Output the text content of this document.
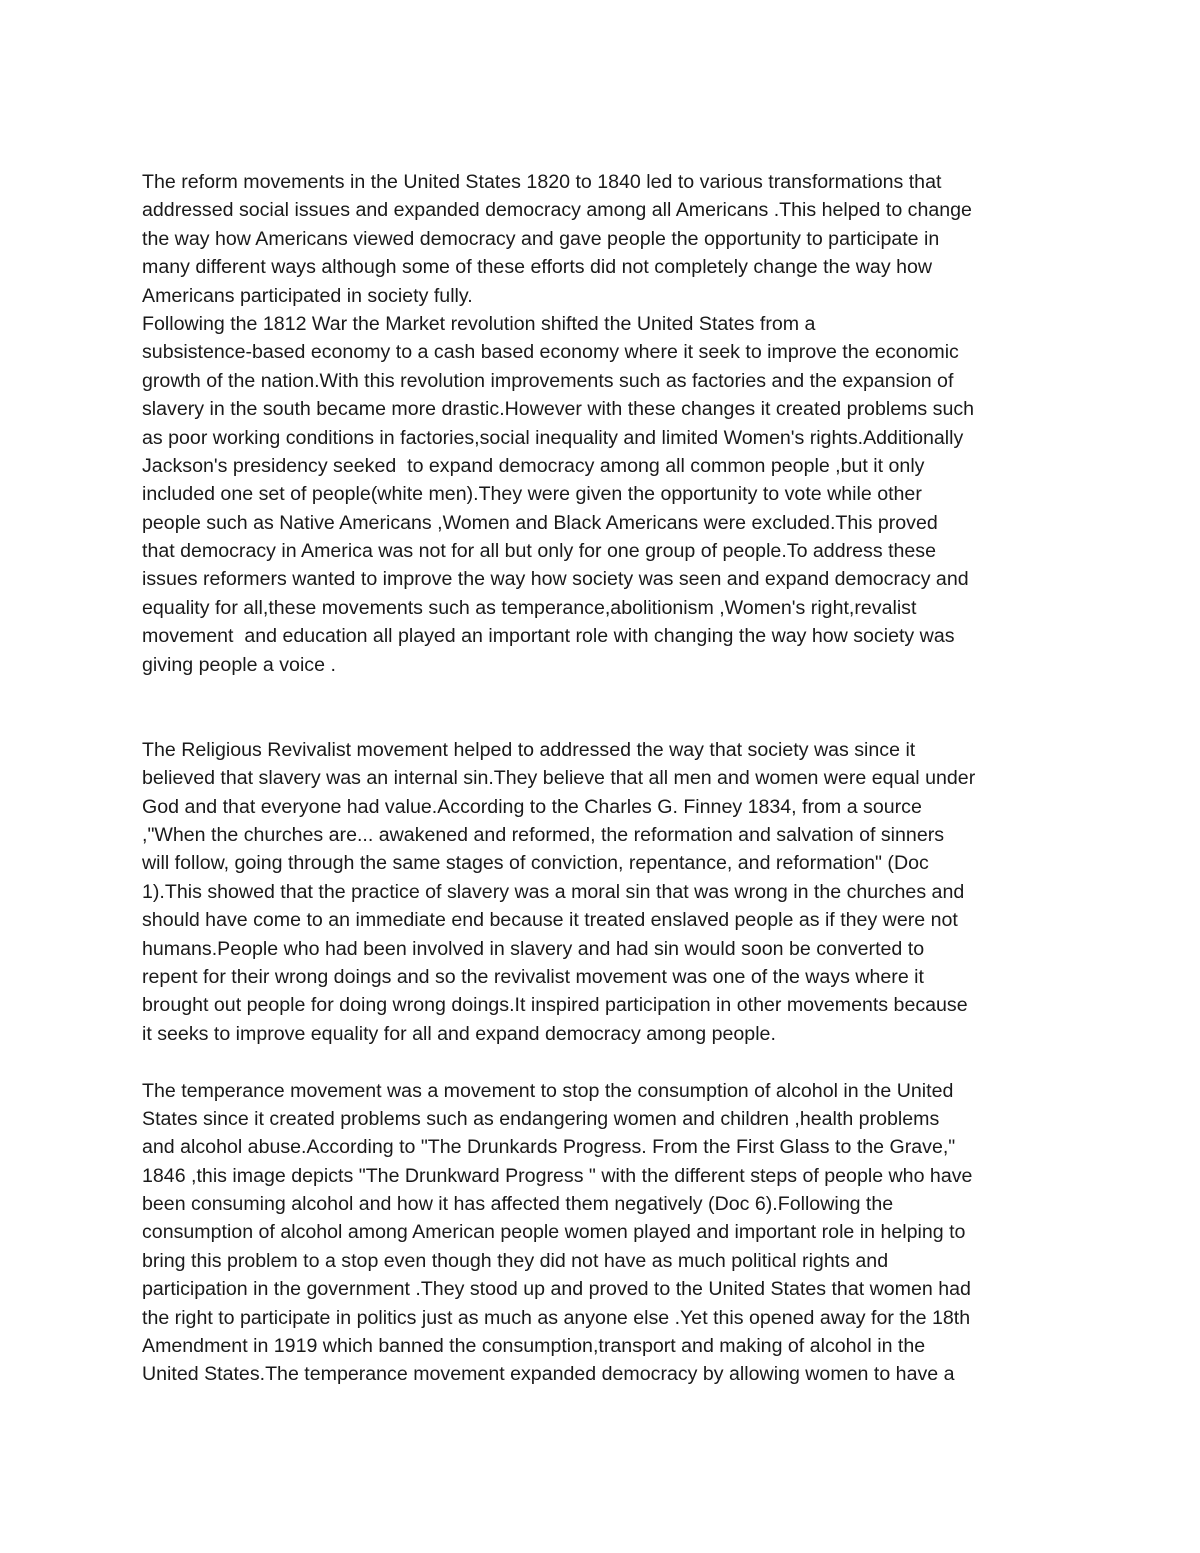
The reform movements in the United States 1820 to 1840 led to various transformations that
addressed social issues and expanded democracy among all Americans .This helped to change
the way how Americans viewed democracy and gave people the opportunity to participate in
many different ways although some of these efforts did not completely change the way how
Americans participated in society fully.
Following the 1812 War the Market revolution shifted the United States from a
subsistence-based economy to a cash based economy where it seek to improve the economic
growth of the nation.With this revolution improvements such as factories and the expansion of
slavery in the south became more drastic.However with these changes it created problems such
as poor working conditions in factories,social inequality and limited Women's rights.Additionally
Jackson's presidency seeked  to expand democracy among all common people ,but it only
included one set of people(white men).They were given the opportunity to vote while other
people such as Native Americans ,Women and Black Americans were excluded.This proved
that democracy in America was not for all but only for one group of people.To address these
issues reformers wanted to improve the way how society was seen and expand democracy and
equality for all,these movements such as temperance,abolitionism ,Women's right,revalist
movement  and education all played an important role with changing the way how society was
giving people a voice .
The Religious Revivalist movement helped to addressed the way that society was since it
believed that slavery was an internal sin.They believe that all men and women were equal under
God and that everyone had value.According to the Charles G. Finney 1834, from a source
,"When the churches are... awakened and reformed, the reformation and salvation of sinners
will follow, going through the same stages of conviction, repentance, and reformation" (Doc
1).This showed that the practice of slavery was a moral sin that was wrong in the churches and
should have come to an immediate end because it treated enslaved people as if they were not
humans.People who had been involved in slavery and had sin would soon be converted to
repent for their wrong doings and so the revivalist movement was one of the ways where it
brought out people for doing wrong doings.It inspired participation in other movements because
it seeks to improve equality for all and expand democracy among people.
The temperance movement was a movement to stop the consumption of alcohol in the United
States since it created problems such as endangering women and children ,health problems
and alcohol abuse.According to "The Drunkards Progress. From the First Glass to the Grave,"
1846 ,this image depicts "The Drunkward Progress " with the different steps of people who have
been consuming alcohol and how it has affected them negatively (Doc 6).Following the
consumption of alcohol among American people women played and important role in helping to
bring this problem to a stop even though they did not have as much political rights and
participation in the government .They stood up and proved to the United States that women had
the right to participate in politics just as much as anyone else .Yet this opened away for the 18th
Amendment in 1919 which banned the consumption,transport and making of alcohol in the
United States.The temperance movement expanded democracy by allowing women to have a
